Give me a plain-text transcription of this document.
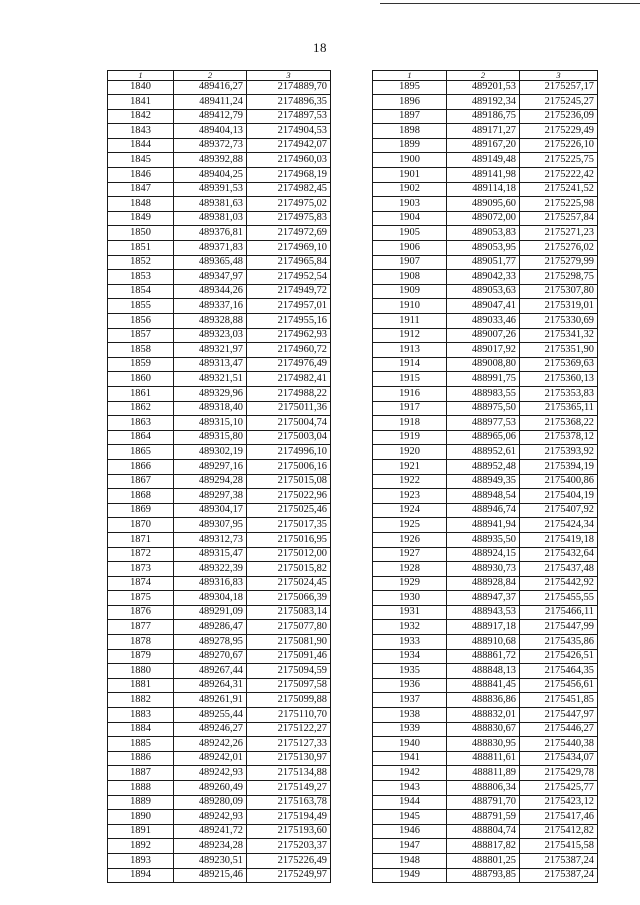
18
1	2	3
1840	489416,27	2174889,70
1841	489411,24	2174896,35
1842	489412,79	2174897,53
1843	489404,13	2174904,53
1844	489372,73	2174942,07
1845	489392,88	2174960,03
1846	489404,25	2174968,19
1847	489391,53	2174982,45
1848	489381,63	2174975,02
1849	489381,03	2174975,83
1850	489376,81	2174972,69
1851	489371,83	2174969,10
1852	489365,48	2174965,84
1853	489347,97	2174952,54
1854	489344,26	2174949,72
1855	489337,16	2174957,01
1856	489328,88	2174955,16
1857	489323,03	2174962,93
1858	489321,97	2174960,72
1859	489313,47	2174976,49
1860	489321,51	2174982,41
1861	489329,96	2174988,22
1862	489318,40	2175011,36
1863	489315,10	2175004,74
1864	489315,80	2175003,04
1865	489302,19	2174996,10
1866	489297,16	2175006,16
1867	489294,28	2175015,08
1868	489297,38	2175022,96
1869	489304,17	2175025,46
1870	489307,95	2175017,35
1871	489312,73	2175016,95
1872	489315,47	2175012,00
1873	489322,39	2175015,82
1874	489316,83	2175024,45
1875	489304,18	2175066,39
1876	489291,09	2175083,14
1877	489286,47	2175077,80
1878	489278,95	2175081,90
1879	489270,67	2175091,46
1880	489267,44	2175094,59
1881	489264,31	2175097,58
1882	489261,91	2175099,88
1883	489255,44	2175110,70
1884	489246,27	2175122,27
1885	489242,26	2175127,33
1886	489242,01	2175130,97
1887	489242,93	2175134,88
1888	489260,49	2175149,27
1889	489280,09	2175163,78
1890	489242,93	2175194,49
1891	489241,72	2175193,60
1892	489234,28	2175203,37
1893	489230,51	2175226,49
1894	489215,46	2175249,97
1	2	3
1895	489201,53	2175257,17
1896	489192,34	2175245,27
1897	489186,75	2175236,09
1898	489171,27	2175229,49
1899	489167,20	2175226,10
1900	489149,48	2175225,75
1901	489141,98	2175222,42
1902	489114,18	2175241,52
1903	489095,60	2175225,98
1904	489072,00	2175257,84
1905	489053,83	2175271,23
1906	489053,95	2175276,02
1907	489051,77	2175279,99
1908	489042,33	2175298,75
1909	489053,63	2175307,80
1910	489047,41	2175319,01
1911	489033,46	2175330,69
1912	489007,26	2175341,32
1913	489017,92	2175351,90
1914	489008,80	2175369,63
1915	488991,75	2175360,13
1916	488983,55	2175353,83
1917	488975,50	2175365,11
1918	488977,53	2175368,22
1919	488965,06	2175378,12
1920	488952,61	2175393,92
1921	488952,48	2175394,19
1922	488949,35	2175400,86
1923	488948,54	2175404,19
1924	488946,74	2175407,92
1925	488941,94	2175424,34
1926	488935,50	2175419,18
1927	488924,15	2175432,64
1928	488930,73	2175437,48
1929	488928,84	2175442,92
1930	488947,37	2175455,55
1931	488943,53	2175466,11
1932	488917,18	2175447,99
1933	488910,68	2175435,86
1934	488861,72	2175426,51
1935	488848,13	2175464,35
1936	488841,45	2175456,61
1937	488836,86	2175451,85
1938	488832,01	2175447,97
1939	488830,67	2175446,27
1940	488830,95	2175440,38
1941	488811,61	2175434,07
1942	488811,89	2175429,78
1943	488806,34	2175425,77
1944	488791,70	2175423,12
1945	488791,59	2175417,46
1946	488804,74	2175412,82
1947	488817,82	2175415,58
1948	488801,25	2175387,24
1949	488793,85	2175387,24
